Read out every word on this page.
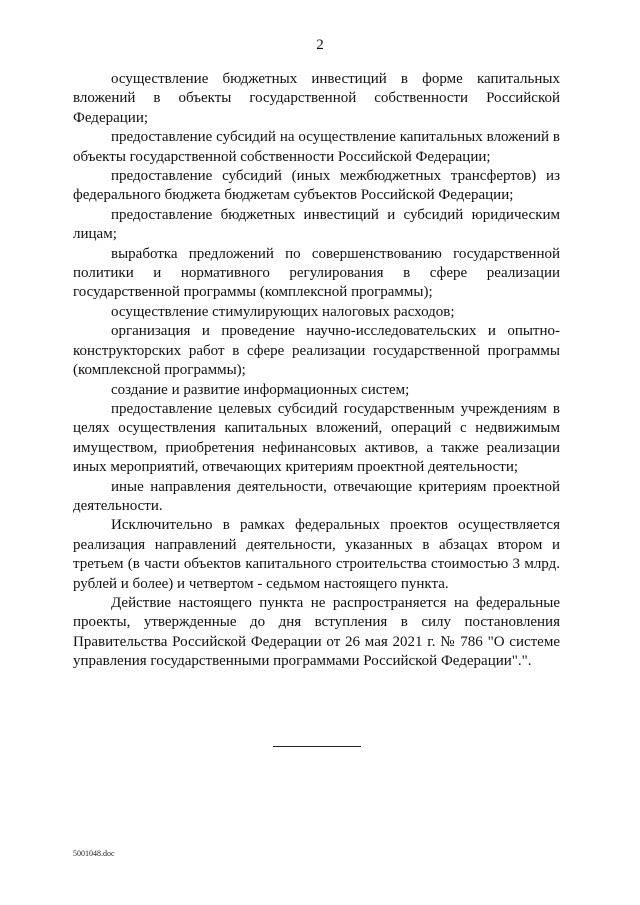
2

осуществление бюджетных инвестиций в форме капитальных вложений в объекты государственной собственности Российской Федерации;

предоставление субсидий на осуществление капитальных вложений в объекты государственной собственности Российской Федерации;

предоставление субсидий (иных межбюджетных трансфертов) из федерального бюджета бюджетам субъектов Российской Федерации;

предоставление бюджетных инвестиций и субсидий юридическим лицам;

выработка предложений по совершенствованию государственной политики и нормативного регулирования в сфере реализации государственной программы (комплексной программы);

осуществление стимулирующих налоговых расходов;

организация и проведение научно-исследовательских и опытно-конструкторских работ в сфере реализации государственной программы (комплексной программы);

создание и развитие информационных систем;

предоставление целевых субсидий государственным учреждениям в целях осуществления капитальных вложений, операций с недвижимым имуществом, приобретения нефинансовых активов, а также реализации иных мероприятий, отвечающих критериям проектной деятельности;

иные направления деятельности, отвечающие критериям проектной деятельности.

Исключительно в рамках федеральных проектов осуществляется реализация направлений деятельности, указанных в абзацах втором и третьем (в части объектов капитального строительства стоимостью 3 млрд. рублей и более) и четвертом - седьмом настоящего пункта.

Действие настоящего пункта не распространяется на федеральные проекты, утвержденные до дня вступления в силу постановления Правительства Российской Федерации от 26 мая 2021 г. № 786 "О системе управления государственными программами Российской Федерации".".

5001048.doc
